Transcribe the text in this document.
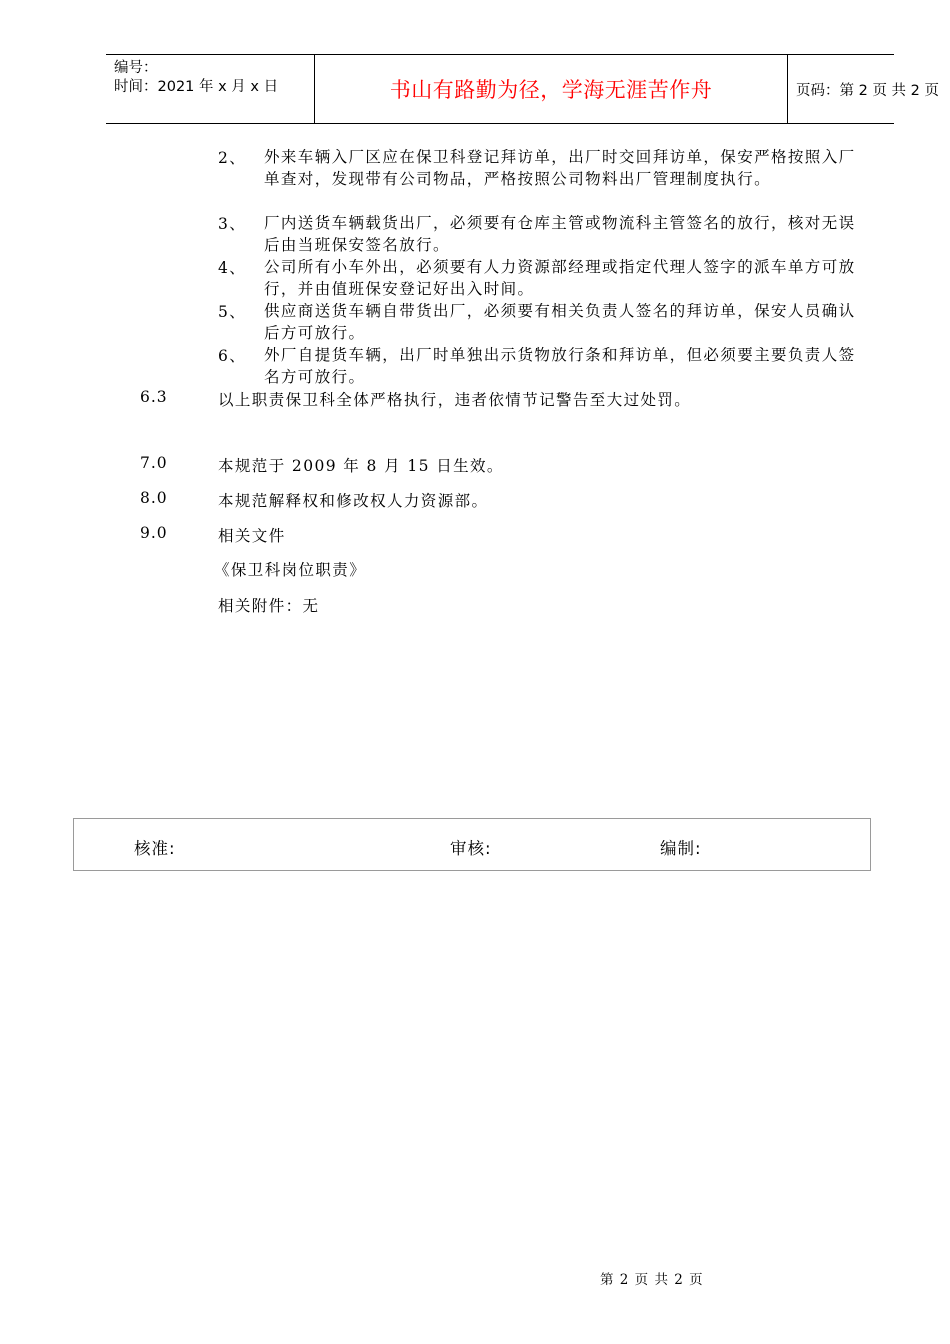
编号：
时间：2021 年 x 月 x 日	书山有路勤为径，学海无涯苦作舟	页码：第 2 页 共 2 页
2、 外来车辆入厂区应在保卫科登记拜访单，出厂时交回拜访单，保安严格按照入厂单查对，发现带有公司物品，严格按照公司物料出厂管理制度执行。
3、 厂内送货车辆载货出厂，必须要有仓库主管或物流科主管签名的放行，核对无误后由当班保安签名放行。
4、 公司所有小车外出，必须要有人力资源部经理或指定代理人签字的派车单方可放行，并由值班保安登记好出入时间。
5、 供应商送货车辆自带货出厂，必须要有相关负责人签名的拜访单，保安人员确认后方可放行。
6、 外厂自提货车辆，出厂时单独出示货物放行条和拜访单，但必须要主要负责人签名方可放行。
6.3	以上职责保卫科全体严格执行，违者依情节记警告至大过处罚。
7.0	本规范于 2009 年 8 月 15 日生效。
8.0	本规范解释权和修改权人力资源部。
9.0	相关文件
《保卫科岗位职责》
相关附件：无
核准:	审核:	编制:
第 2 页 共 2 页
